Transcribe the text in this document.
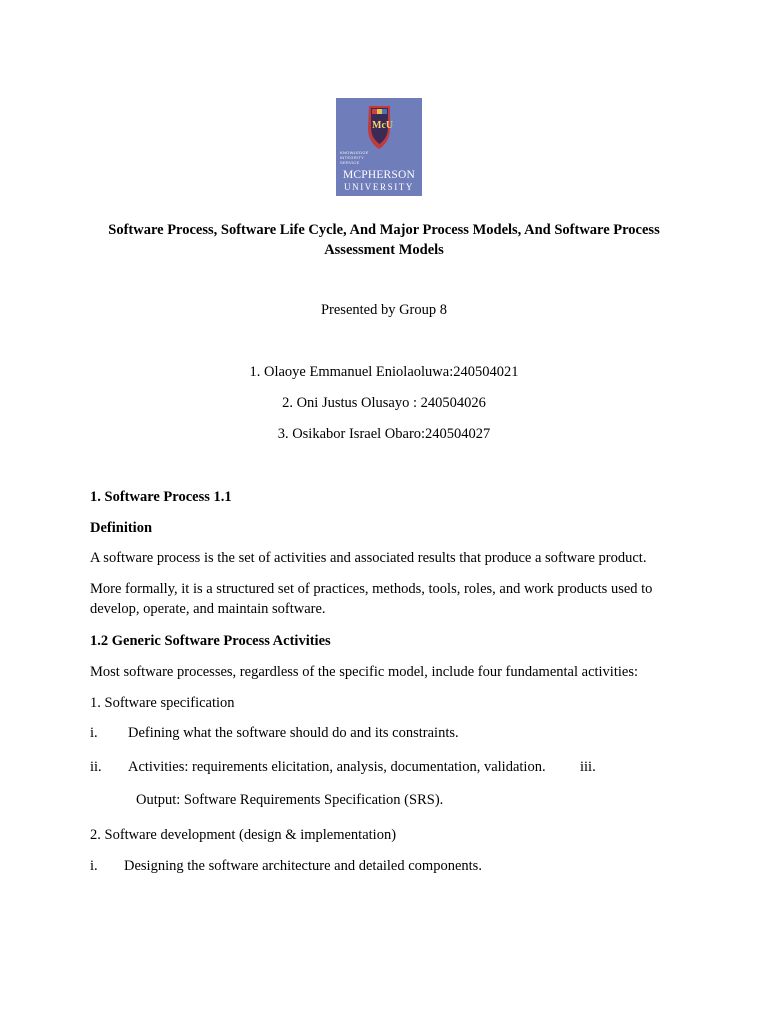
McU
KNOWLEDGE
INTEGRITY
SERVICE
MCPHERSON
UNIVERSITY
Software Process, Software Life Cycle, And Major Process Models, And Software Process
Assessment Models
Presented by Group 8
1. Olaoye Emmanuel Eniolaoluwa:240504021
2. Oni Justus Olusayo : 240504026
3. Osikabor Israel Obaro:240504027
1. Software Process 1.1
Definition
A software process is the set of activities and associated results that produce a software product.
More formally, it is a structured set of practices, methods, tools, roles, and work products used to
develop, operate, and maintain software.
1.2 Generic Software Process Activities
Most software processes, regardless of the specific model, include four fundamental activities:
1. Software specification
i. Defining what the software should do and its constraints.
ii. Activities: requirements elicitation, analysis, documentation, validation. iii.
Output: Software Requirements Specification (SRS).
2. Software development (design & implementation)
i. Designing the software architecture and detailed components.
